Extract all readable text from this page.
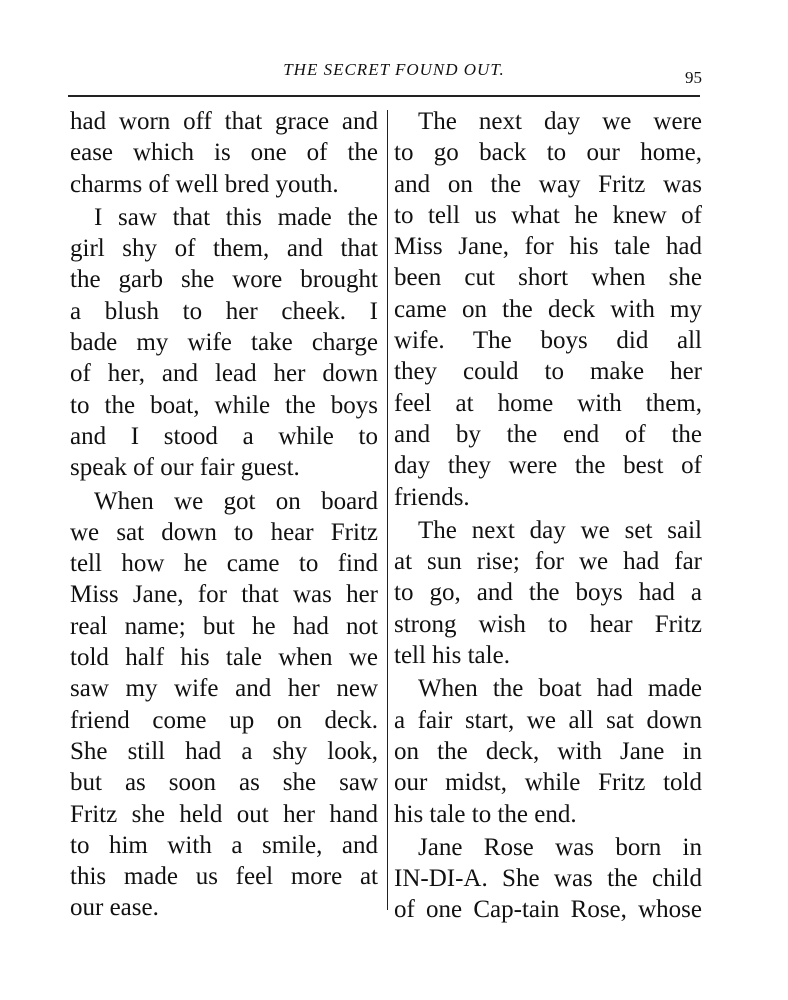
THE SECRET FOUND OUT.	95
had worn off that grace and
ease which is one of the
charms of well bred youth.
I saw that this made the
girl shy of them, and that
the garb she wore brought
a blush to her cheek. I
bade my wife take charge
of her, and lead her down
to the boat, while the boys
and I stood a while to
speak of our fair guest.
When we got on board
we sat down to hear Fritz
tell how he came to find
Miss Jane, for that was her
real name; but he had not
told half his tale when we
saw my wife and her new
friend come up on deck.
She still had a shy look,
but as soon as she saw
Fritz she held out her hand
to him with a smile, and
this made us feel more at
our ease.
The next day we were
to go back to our home,
and on the way Fritz was
to tell us what he knew of
Miss Jane, for his tale had
been cut short when she
came on the deck with my
wife. The boys did all
they could to make her
feel at home with them,
and by the end of the
day they were the best of
friends.
The next day we set sail
at sun rise; for we had far
to go, and the boys had a
strong wish to hear Fritz
tell his tale.
When the boat had made
a fair start, we all sat down
on the deck, with Jane in
our midst, while Fritz told
his tale to the end.
Jane Rose was born in
IN-DI-A. She was the child
of one Cap-tain Rose, whose
